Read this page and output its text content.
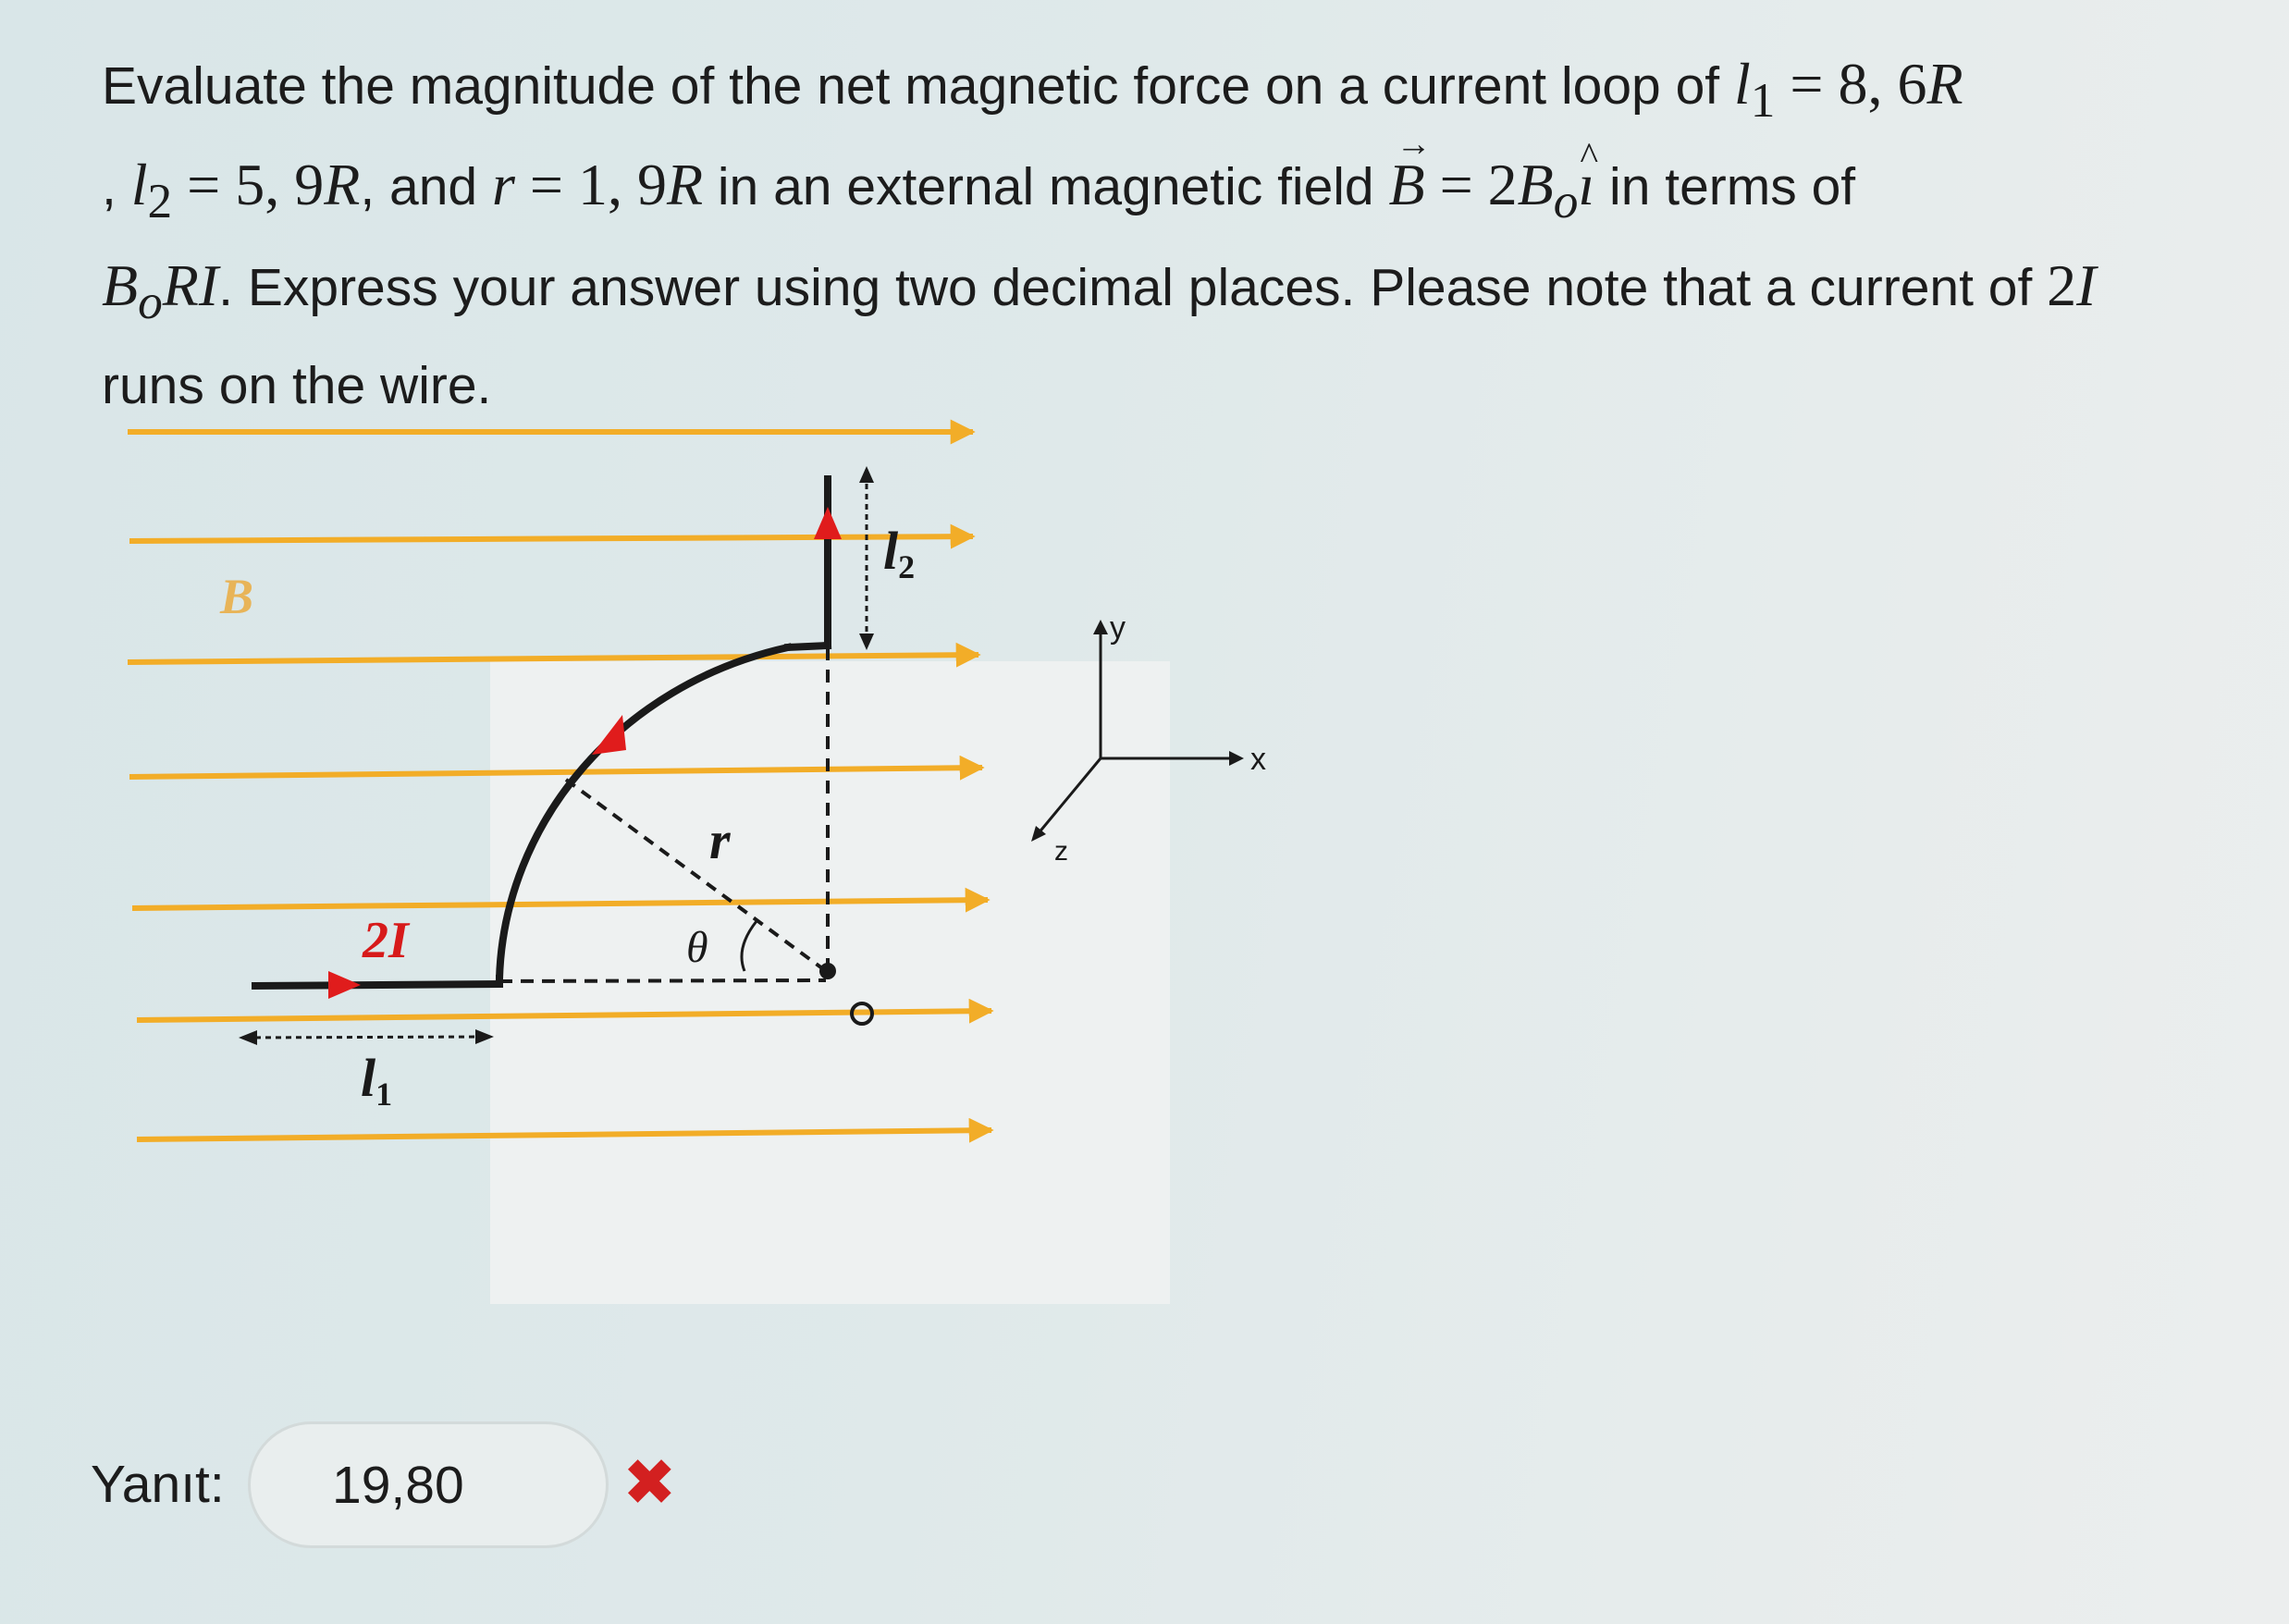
Evaluate the magnitude of the net magnetic force on a current loop of $l_1 = 8$, 6R
, $l_2 = 5$, 9R, and r = 1, 9R in an external magnetic field → $B = 2B_o\^{}$ ı in terms of
$B_oRI$. Express your answer using two decimal places. Please note that a current of 2I
runs on the wire.
B
2I
l1
l2
r
θ
y
x
z
Yanıt:
19,80	✖
